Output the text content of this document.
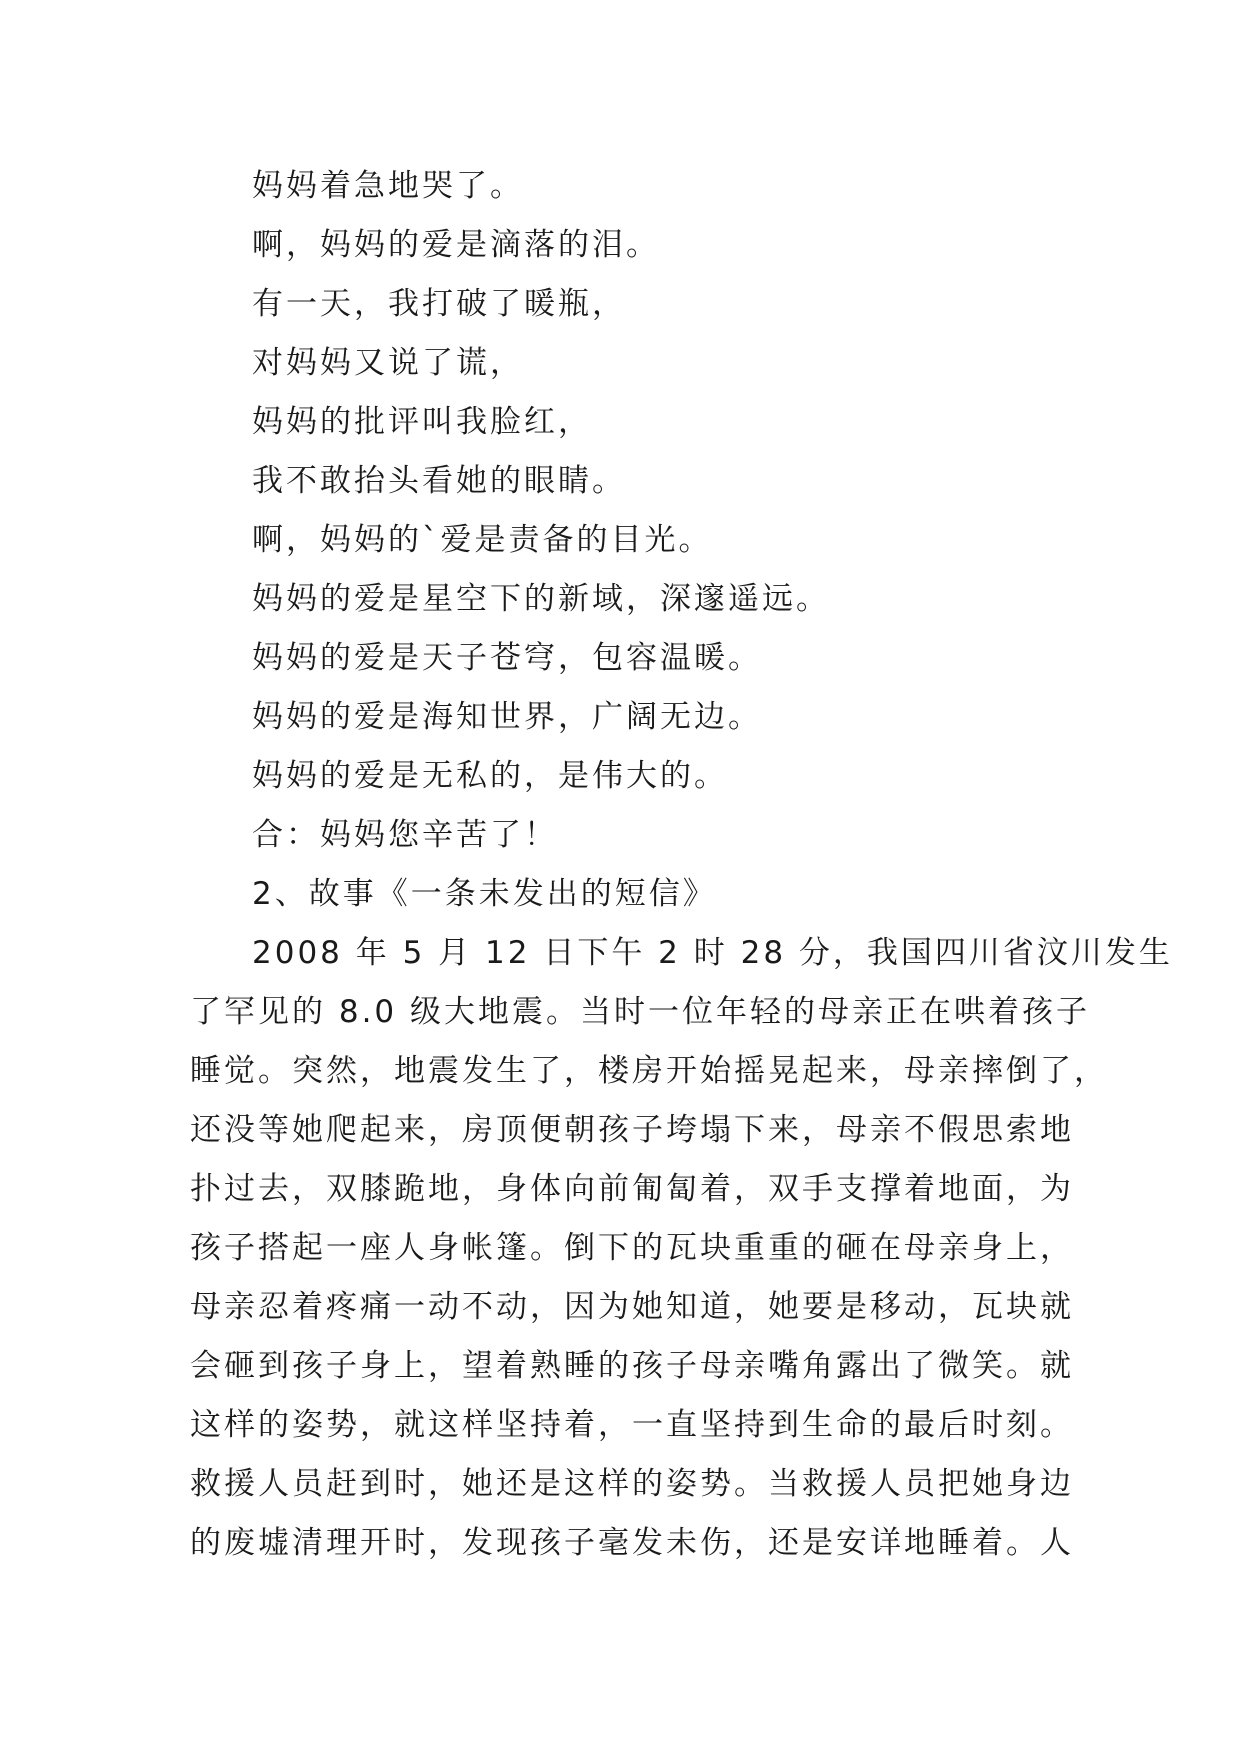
妈妈着急地哭了。
啊，妈妈的爱是滴落的泪。
有一天，我打破了暖瓶，
对妈妈又说了谎，
妈妈的批评叫我脸红，
我不敢抬头看她的眼睛。
啊，妈妈的`爱是责备的目光。
妈妈的爱是星空下的新域，深邃遥远。
妈妈的爱是天子苍穹，包容温暖。
妈妈的爱是海知世界，广阔无边。
妈妈的爱是无私的，是伟大的。
合：妈妈您辛苦了！
2、故事《一条未发出的短信》
2008 年 5 月 12 日下午 2 时 28 分，我国四川省汶川发生
了罕见的 8.0 级大地震。当时一位年轻的母亲正在哄着孩子
睡觉。突然，地震发生了，楼房开始摇晃起来，母亲摔倒了，
还没等她爬起来，房顶便朝孩子垮塌下来，母亲不假思索地
扑过去，双膝跪地，身体向前匍匐着，双手支撑着地面，为
孩子搭起一座人身帐篷。倒下的瓦块重重的砸在母亲身上，
母亲忍着疼痛一动不动，因为她知道，她要是移动，瓦块就
会砸到孩子身上，望着熟睡的孩子母亲嘴角露出了微笑。就
这样的姿势，就这样坚持着，一直坚持到生命的最后时刻。
救援人员赶到时，她还是这样的姿势。当救援人员把她身边
的废墟清理开时，发现孩子毫发未伤，还是安详地睡着。人
